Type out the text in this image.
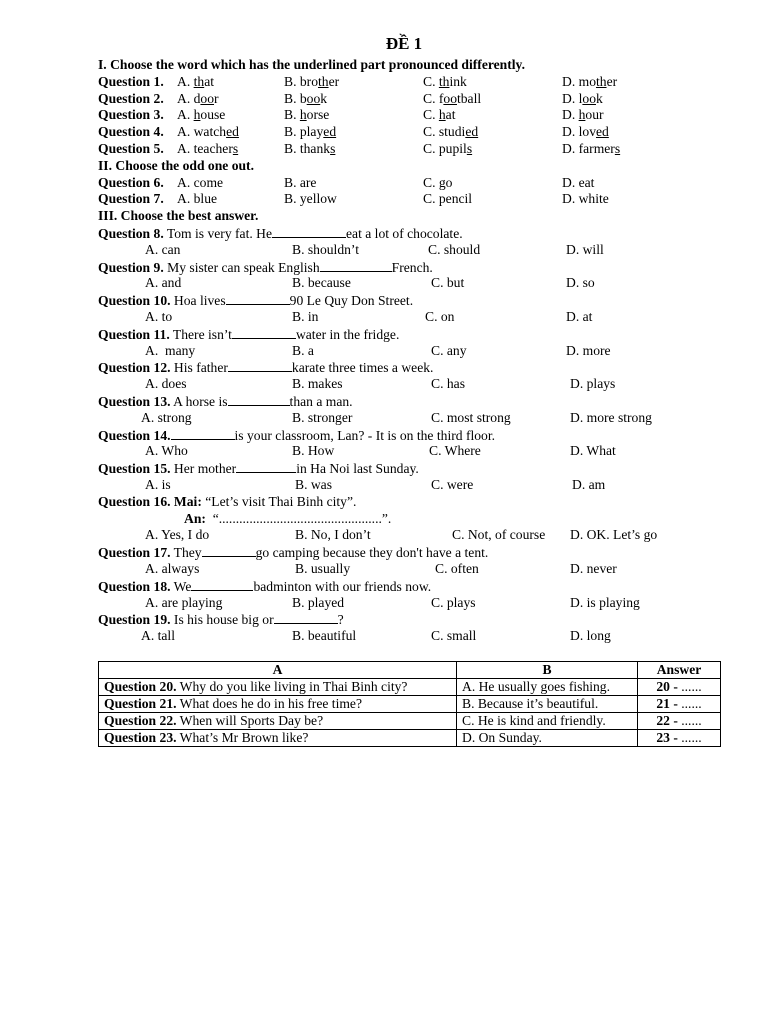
ĐỀ 1
I. Choose the word which has the underlined part pronounced differently.
Question 1. A. that	B. brother	C. think	D. mother
Question 2. A. door	B. book	C. football	D. look
Question 3. A. house	B. horse	C. hat	D. hour
Question 4. A. watched	B. played	C. studied	D. loved
Question 5. A. teachers	B. thanks	C. pupils	D. farmers
II. Choose the odd one out.
Question 6. A. come	B. are	C. go	D. eat
Question 7. A. blue	B. yellow	C. pencil	D. white
III. Choose the best answer.
Question 8. Tom is very fat. He	eat a lot of chocolate.
A. can	B. shouldn’t	C. should	D. will
Question 9. My sister can speak English	French.
A. and	B. because	C. but	D. so
Question 10. Hoa lives	90 Le Quy Don Street.
A. to	B. in	C. on	D. at
Question 11. There isn’t	water in the fridge.
A.  many	B. a	C. any	D. more
Question 12. His father	karate three times a week.
A. does	B. makes	C. has	D. plays
Question 13. A horse is	than a man.
A. strong	B. stronger	C. most strong	D. more strong
Question 14.	is your classroom, Lan? - It is on the third floor.
A. Who	B. How	C. Where	D. What
Question 15. Her mother	in Ha Noi last Sunday.
A. is	B. was	C. were	D. am
Question 16. Mai: “Let’s visit Thai Binh city”.
An:  “................................................”.
A. Yes, I do	B. No, I don’t	C. Not, of course D. OK. Let’s go
Question 17. They	go camping because they don't have a tent.
A. always	B. usually	C. often	D. never
Question 18. We	badminton with our friends now.
A. are playing	B. played	C. plays	D. is playing
Question 19. Is his house big or	?
A. tall	B. beautiful	C. small	D. long
A	B	Answer
Question 20. Why do you like living in Thai Binh city?	A. He usually goes fishing.	20 - ......
Question 21. What does he do in his free time?	B. Because it’s beautiful.	21 - ......
Question 22. When will Sports Day be?	C. He is kind and friendly.	22 - ......
Question 23. What’s Mr Brown like?	D. On Sunday.	23 - ......
